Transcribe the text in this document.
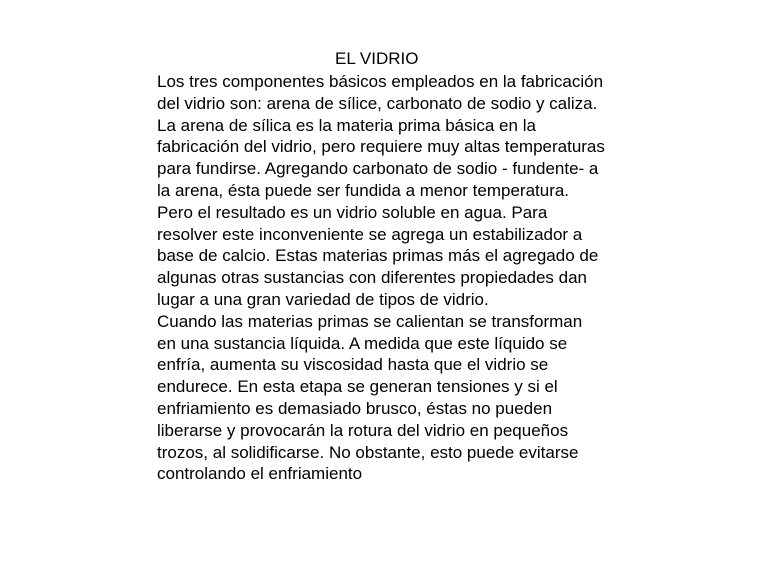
EL VIDRIO
Los tres componentes básicos empleados en la fabricación
del vidrio son: arena de sílice, carbonato de sodio y caliza.
La arena de sílica es la materia prima básica en la
fabricación del vidrio, pero requiere muy altas temperaturas
para fundirse. Agregando carbonato de sodio - fundente- a
la arena, ésta puede ser fundida a menor temperatura.
Pero el resultado es un vidrio soluble en agua. Para
resolver este inconveniente se agrega un estabilizador a
base de calcio. Estas materias primas más el agregado de
algunas otras sustancias con diferentes propiedades dan
lugar a una gran variedad de tipos de vidrio.
Cuando las materias primas se calientan se transforman
en una sustancia líquida. A medida que este líquido se
enfría, aumenta su viscosidad hasta que el vidrio se
endurece. En esta etapa se generan tensiones y si el
enfriamiento es demasiado brusco, éstas no pueden
liberarse y provocarán la rotura del vidrio en pequeños
trozos, al solidificarse. No obstante, esto puede evitarse
controlando el enfriamiento
